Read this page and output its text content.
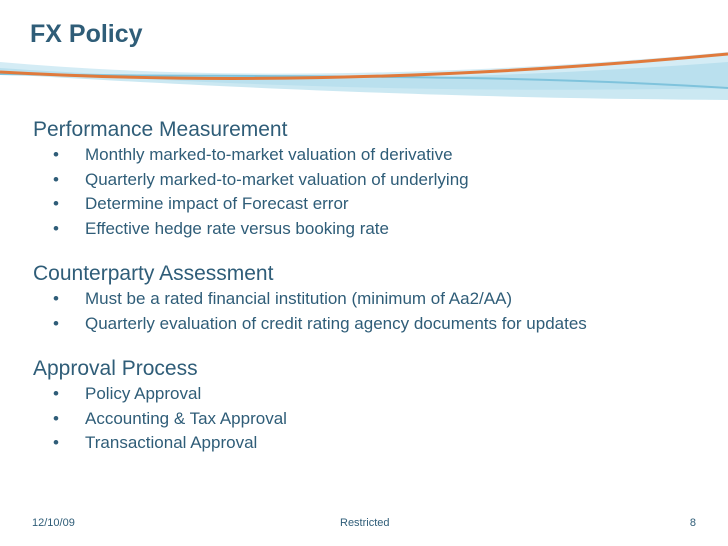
FX Policy
Performance Measurement
• Monthly marked-to-market valuation of derivative
• Quarterly marked-to-market valuation of underlying
• Determine impact of Forecast error
• Effective hedge rate versus booking rate
Counterparty Assessment
• Must be a rated financial institution (minimum of Aa2/AA)
• Quarterly evaluation of credit rating agency documents for updates
Approval Process
• Policy Approval
• Accounting & Tax Approval
• Transactional Approval
12/10/09	Restricted	8
